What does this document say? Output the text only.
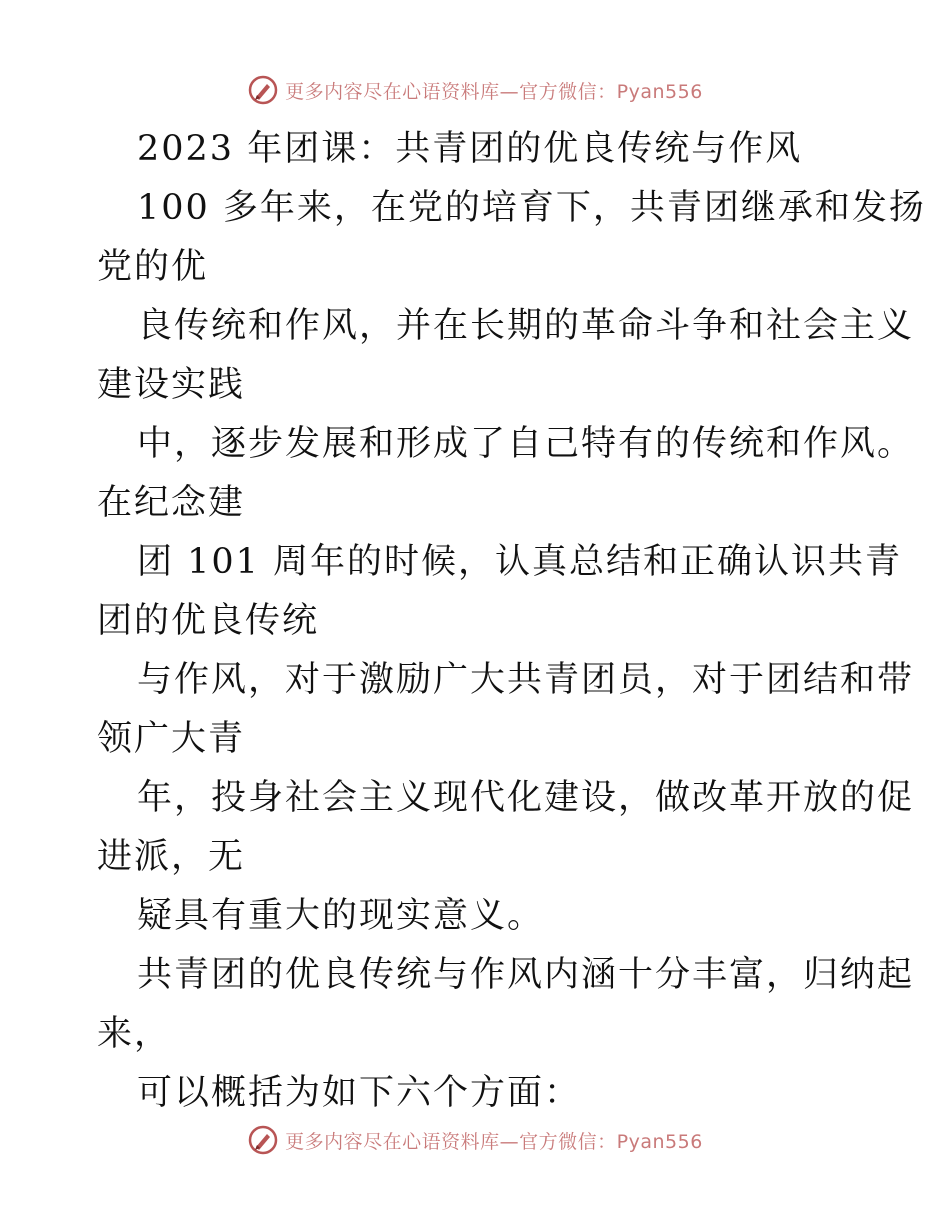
更多内容尽在心语资料库—官方微信：Pyan556
2023 年团课：共青团的优良传统与作风
100 多年来，在党的培育下，共青团继承和发扬
党的优
良传统和作风，并在长期的革命斗争和社会主义
建设实践
中，逐步发展和形成了自己特有的传统和作风。
在纪念建
团 101 周年的时候，认真总结和正确认识共青
团的优良传统
与作风，对于激励广大共青团员，对于团结和带
领广大青
年，投身社会主义现代化建设，做改革开放的促
进派，无
疑具有重大的现实意义。
共青团的优良传统与作风内涵十分丰富，归纳起
来，
可以概括为如下六个方面：
更多内容尽在心语资料库—官方微信：Pyan556
